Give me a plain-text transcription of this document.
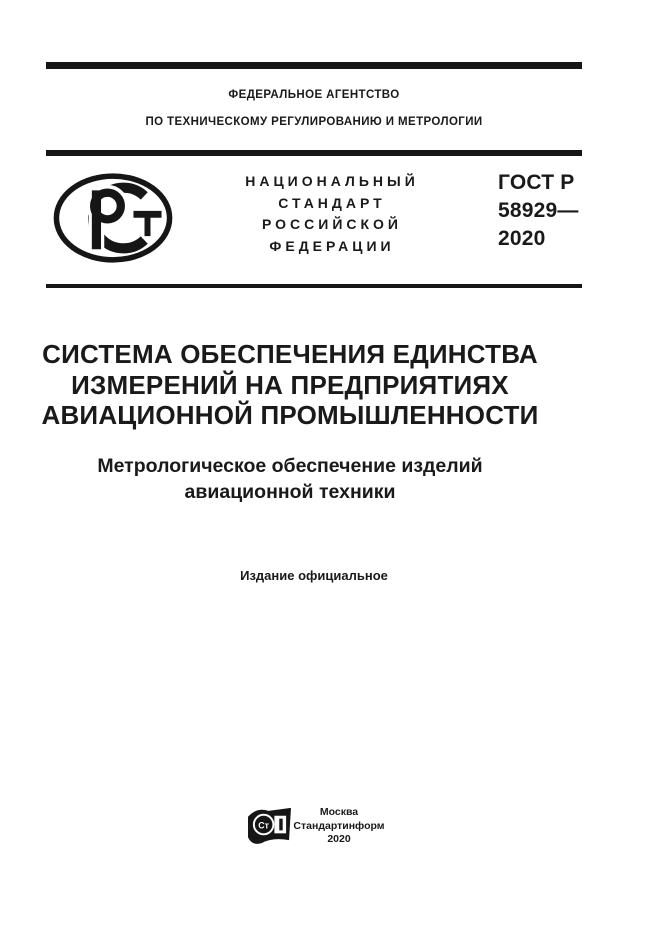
ФЕДЕРАЛЬНОЕ АГЕНТСТВО
ПО ТЕХНИЧЕСКОМУ РЕГУЛИРОВАНИЮ И МЕТРОЛОГИИ
НАЦИОНАЛЬНЫЙ
СТАНДАРТ
РОССИЙСКОЙ
ФЕДЕРАЦИИ
ГОСТ Р
58929—
2020
СИСТЕМА ОБЕСПЕЧЕНИЯ ЕДИНСТВА
ИЗМЕРЕНИЙ НА ПРЕДПРИЯТИЯХ
АВИАЦИОННОЙ ПРОМЫШЛЕННОСТИ
Метрологическое обеспечение изделий
авиационной техники
Издание официальное
Ст
Москва
Стандартинформ
2020
